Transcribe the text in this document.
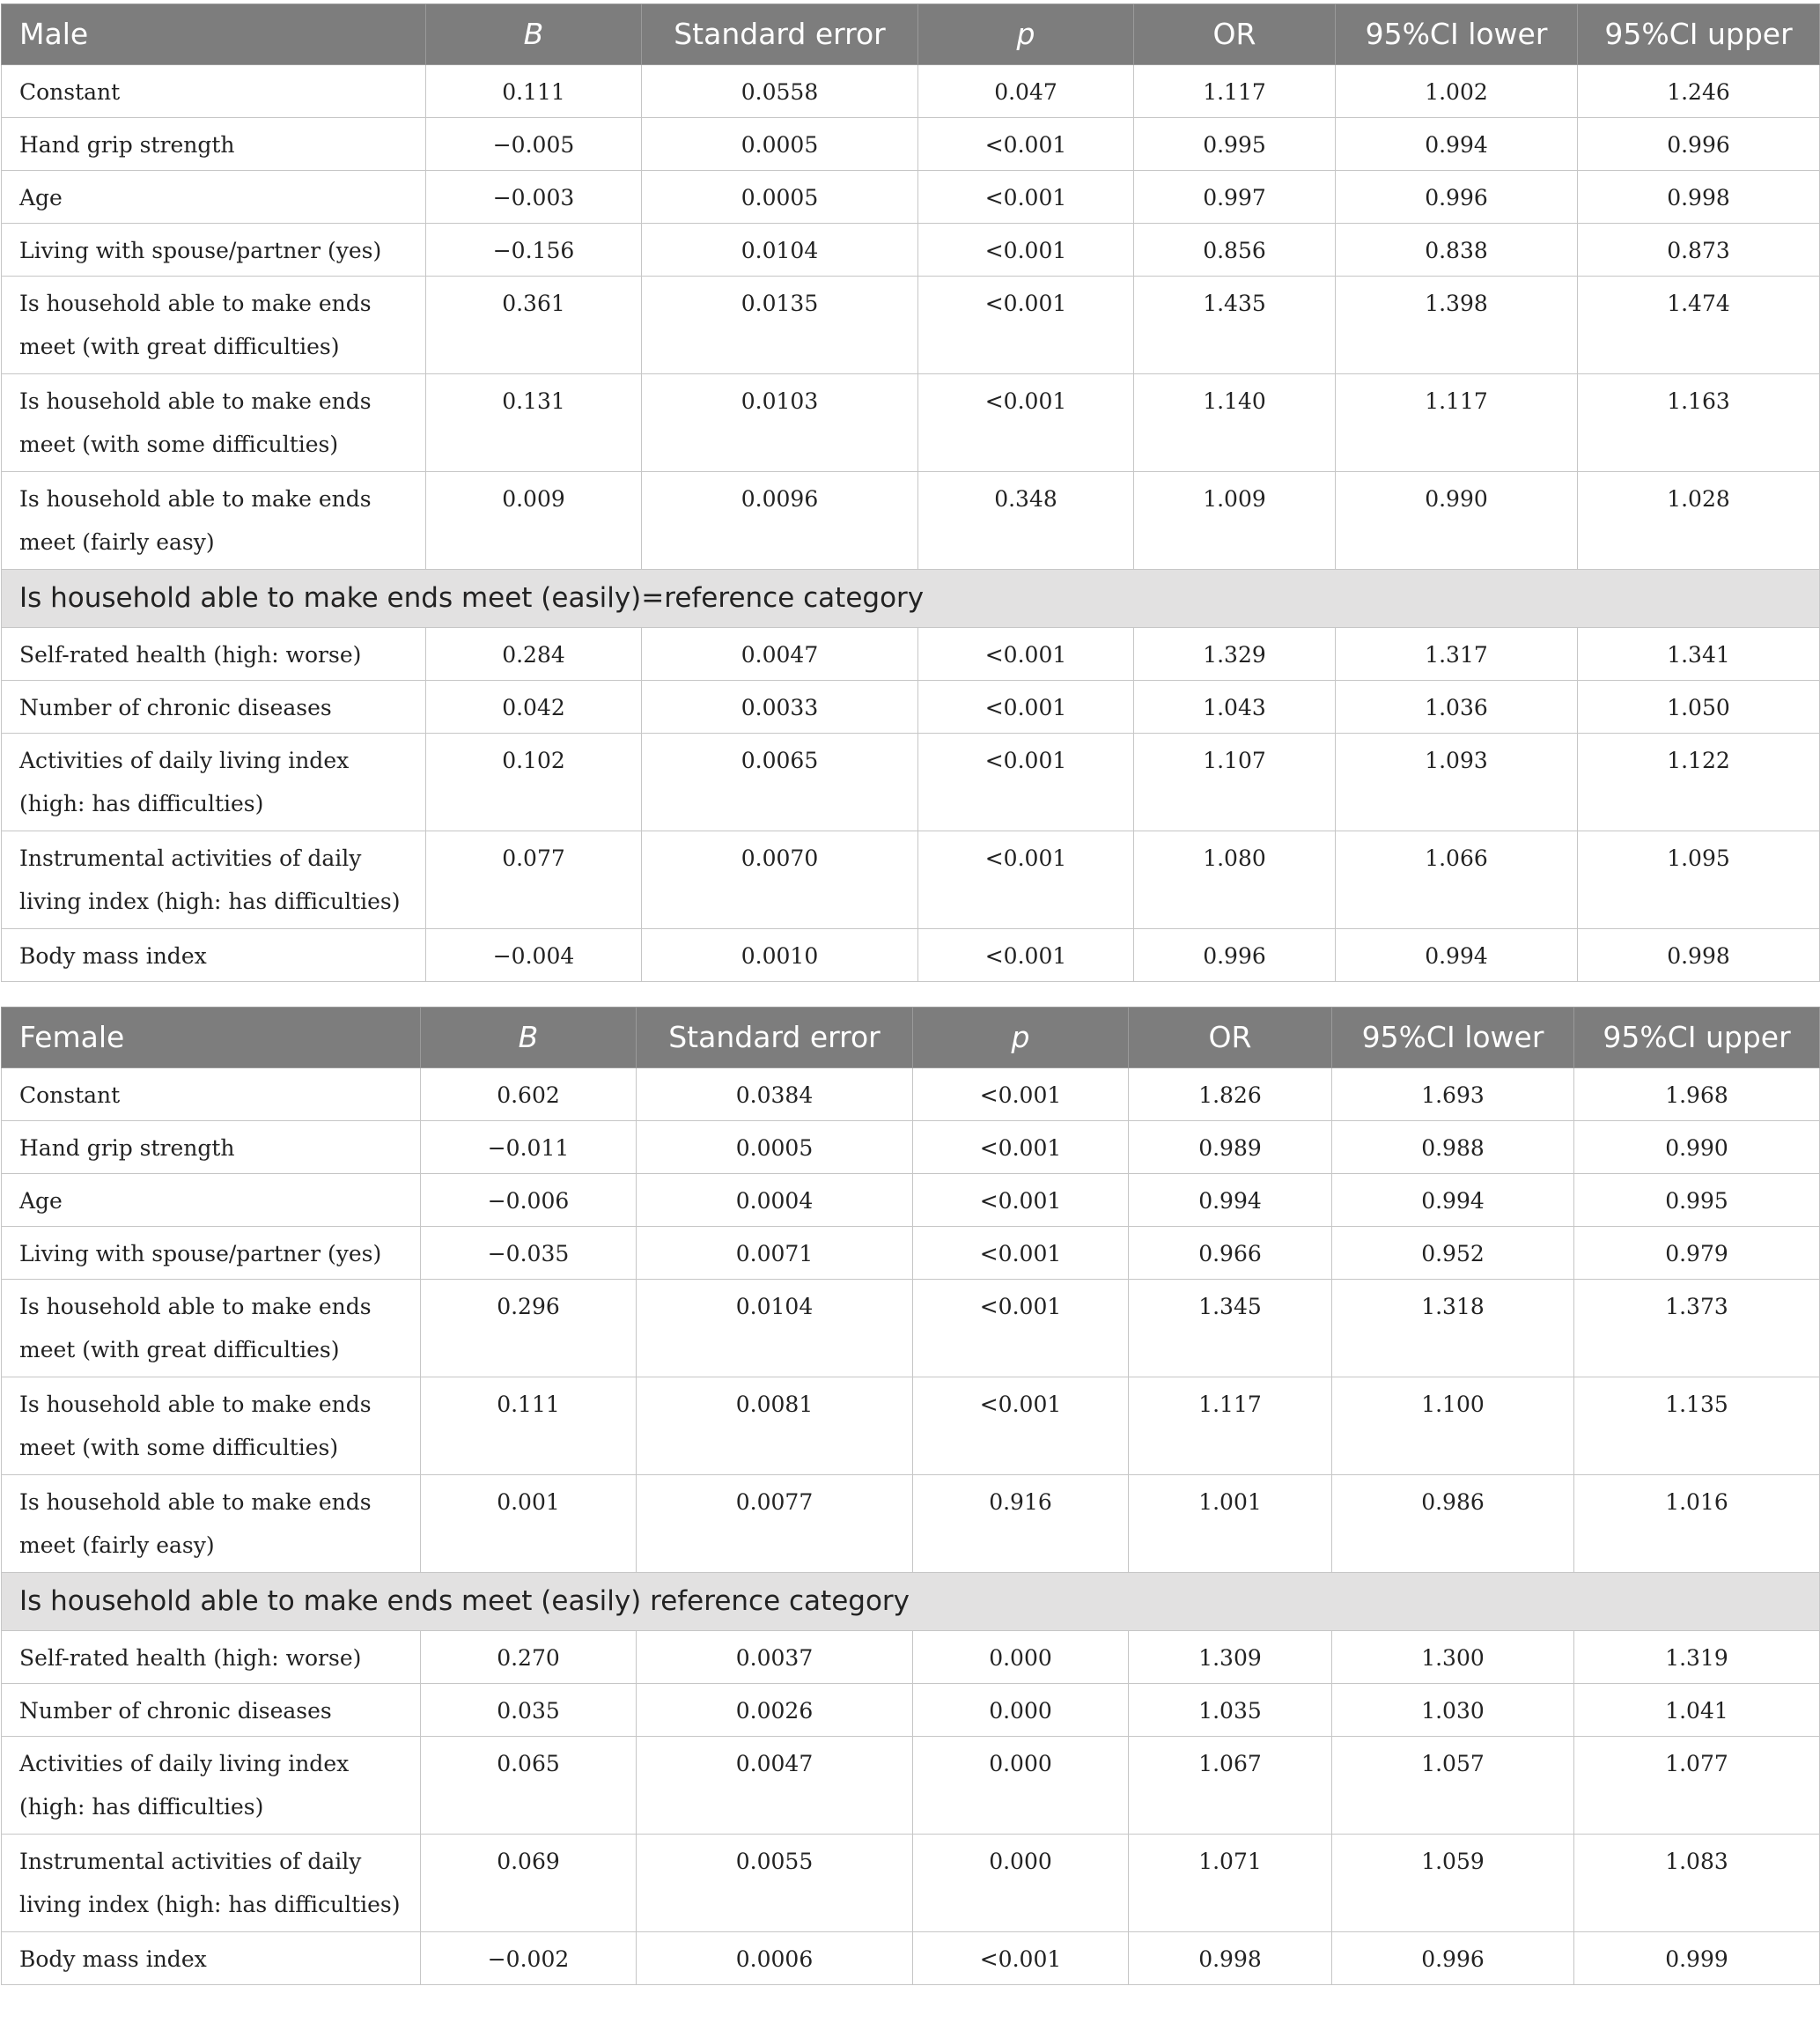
Male	B	Standard error	p	OR	95%CI lower	95%CI upper
Constant	0.111	0.0558	0.047	1.117	1.002	1.246
Hand grip strength	−0.005	0.0005	<0.001	0.995	0.994	0.996
Age	−0.003	0.0005	<0.001	0.997	0.996	0.998
Living with spouse/partner (yes)	−0.156	0.0104	<0.001	0.856	0.838	0.873
Is household able to make ends meet (with great difficulties)	0.361	0.0135	<0.001	1.435	1.398	1.474
Is household able to make ends meet (with some difficulties)	0.131	0.0103	<0.001	1.140	1.117	1.163
Is household able to make ends meet (fairly easy)	0.009	0.0096	0.348	1.009	0.990	1.028
Is household able to make ends meet (easily)=reference category						
Self-rated health (high: worse)	0.284	0.0047	<0.001	1.329	1.317	1.341
Number of chronic diseases	0.042	0.0033	<0.001	1.043	1.036	1.050
Activities of daily living index (high: has difficulties)	0.102	0.0065	<0.001	1.107	1.093	1.122
Instrumental activities of daily living index (high: has difficulties)	0.077	0.0070	<0.001	1.080	1.066	1.095
Body mass index	−0.004	0.0010	<0.001	0.996	0.994	0.998
Female	B	Standard error	p	OR	95%CI lower	95%CI upper
Constant	0.602	0.0384	<0.001	1.826	1.693	1.968
Hand grip strength	−0.011	0.0005	<0.001	0.989	0.988	0.990
Age	−0.006	0.0004	<0.001	0.994	0.994	0.995
Living with spouse/partner (yes)	−0.035	0.0071	<0.001	0.966	0.952	0.979
Is household able to make ends meet (with great difficulties)	0.296	0.0104	<0.001	1.345	1.318	1.373
Is household able to make ends meet (with some difficulties)	0.111	0.0081	<0.001	1.117	1.100	1.135
Is household able to make ends meet (fairly easy)	0.001	0.0077	0.916	1.001	0.986	1.016
Is household able to make ends meet (easily) reference category						
Self-rated health (high: worse)	0.270	0.0037	0.000	1.309	1.300	1.319
Number of chronic diseases	0.035	0.0026	0.000	1.035	1.030	1.041
Activities of daily living index (high: has difficulties)	0.065	0.0047	0.000	1.067	1.057	1.077
Instrumental activities of daily living index (high: has difficulties)	0.069	0.0055	0.000	1.071	1.059	1.083
Body mass index	−0.002	0.0006	<0.001	0.998	0.996	0.999
